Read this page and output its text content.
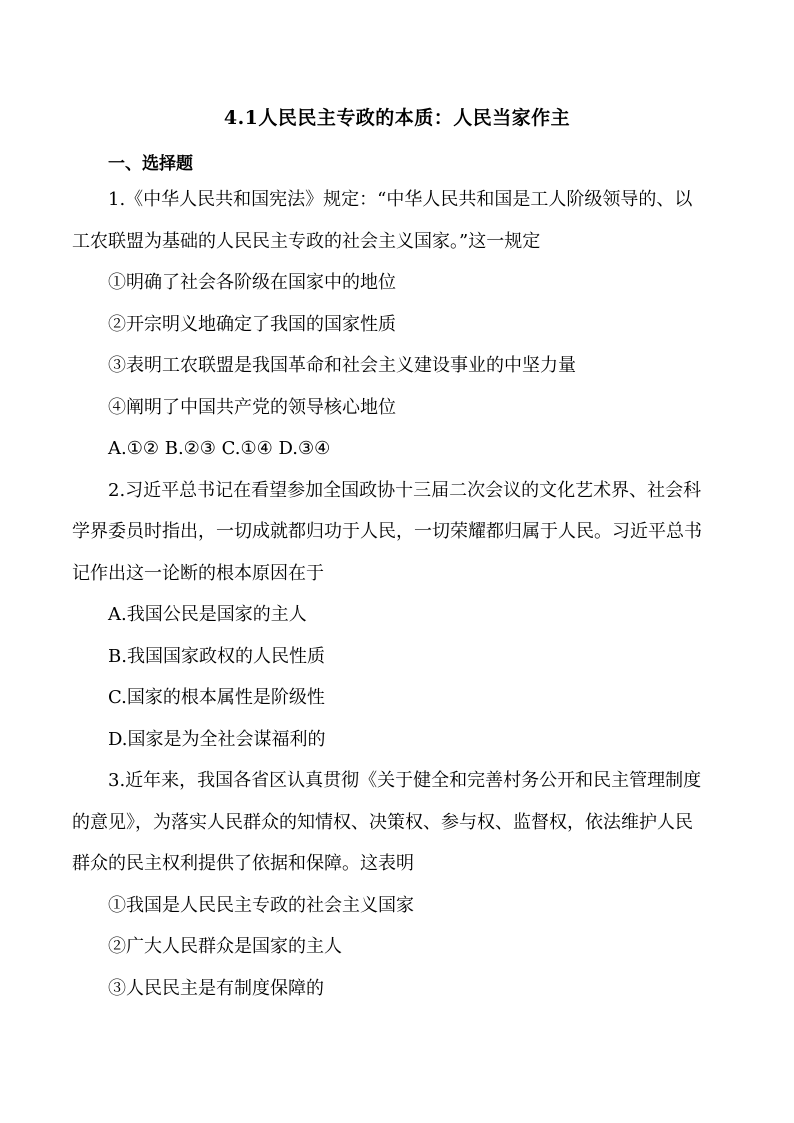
4.1人民民主专政的本质：人民当家作主
一、选择题
1.《中华人民共和国宪法》规定：“中华人民共和国是工人阶级领导的、以
工农联盟为基础的人民民主专政的社会主义国家。”这一规定
①明确了社会各阶级在国家中的地位
②开宗明义地确定了我国的国家性质
③表明工农联盟是我国革命和社会主义建设事业的中坚力量
④阐明了中国共产党的领导核心地位
A.①② B.②③ C.①④ D.③④
2.习近平总书记在看望参加全国政协十三届二次会议的文化艺术界、社会科
学界委员时指出，一切成就都归功于人民，一切荣耀都归属于人民。习近平总书
记作出这一论断的根本原因在于
A.我国公民是国家的主人
B.我国国家政权的人民性质
C.国家的根本属性是阶级性
D.国家是为全社会谋福利的
3.近年来，我国各省区认真贯彻《关于健全和完善村务公开和民主管理制度
的意见》，为落实人民群众的知情权、决策权、参与权、监督权，依法维护人民
群众的民主权利提供了依据和保障。这表明
①我国是人民民主专政的社会主义国家
②广大人民群众是国家的主人
③人民民主是有制度保障的
